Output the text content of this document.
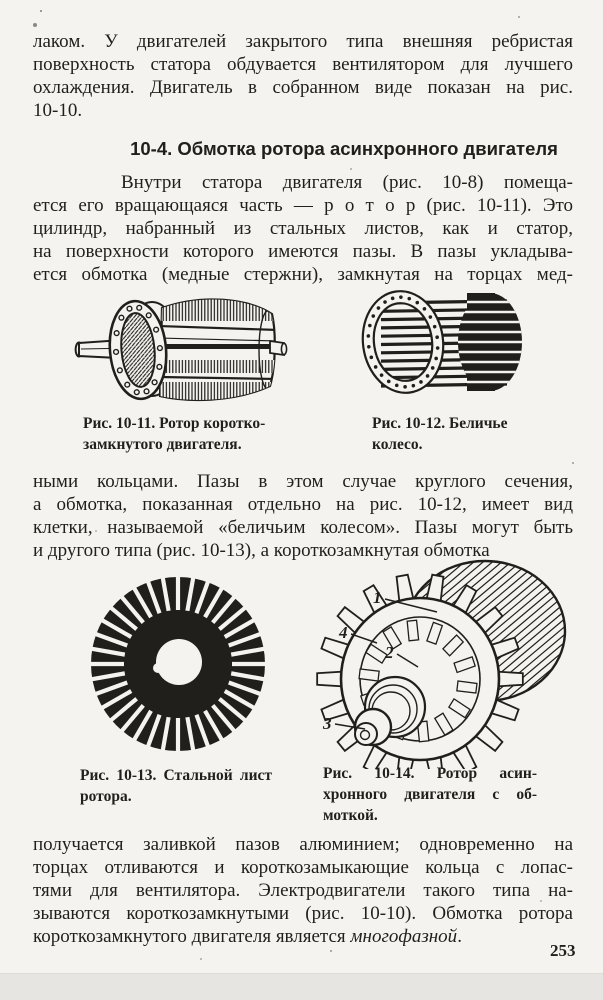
лаком. У двигателей закрытого типа внешняя ребристая
поверхность статора обдувается вентилятором для лучшего
охлаждения. Двигатель в собранном виде показан на рис.
10-10.
10-4. Обмотка ротора асинхронного двигателя
Внутри статора двигателя (рис. 10-8) помеща-
ется его вращающаяся часть — р о т о р (рис. 10-11). Это
цилиндр, набранный из стальных листов, как и статор,
на поверхности которого имеются пазы. В пазы укладыва-
ется обмотка (медные стержни), замкнутая на торцах мед-
Рис. 10-11. Ротор коротко-
замкнутого двигателя.
Рис. 10-12. Беличье
колесо.
ными кольцами. Пазы в этом случае круглого сечения,
а обмотка, показанная отдельно на рис. 10-12, имеет вид
клетки, называемой «беличьим колесом». Пазы могут быть
и другого типа (рис. 10-13), а короткозамкнутая обмотка
1
4
2
3
Рис. 10-13. Стальной лист
ротора.
Рис. 10-14. Ротор асин-
хронного двигателя с об-
моткой.
получается заливкой пазов алюминием; одновременно на
торцах отливаются и короткозамыкающие кольца с лопас-
тями для вентилятора. Электродвигатели такого типа на-
зываются короткозамкнутыми (рис. 10-10). Обмотка ротора
короткозамкнутого двигателя является многофазной.
253
